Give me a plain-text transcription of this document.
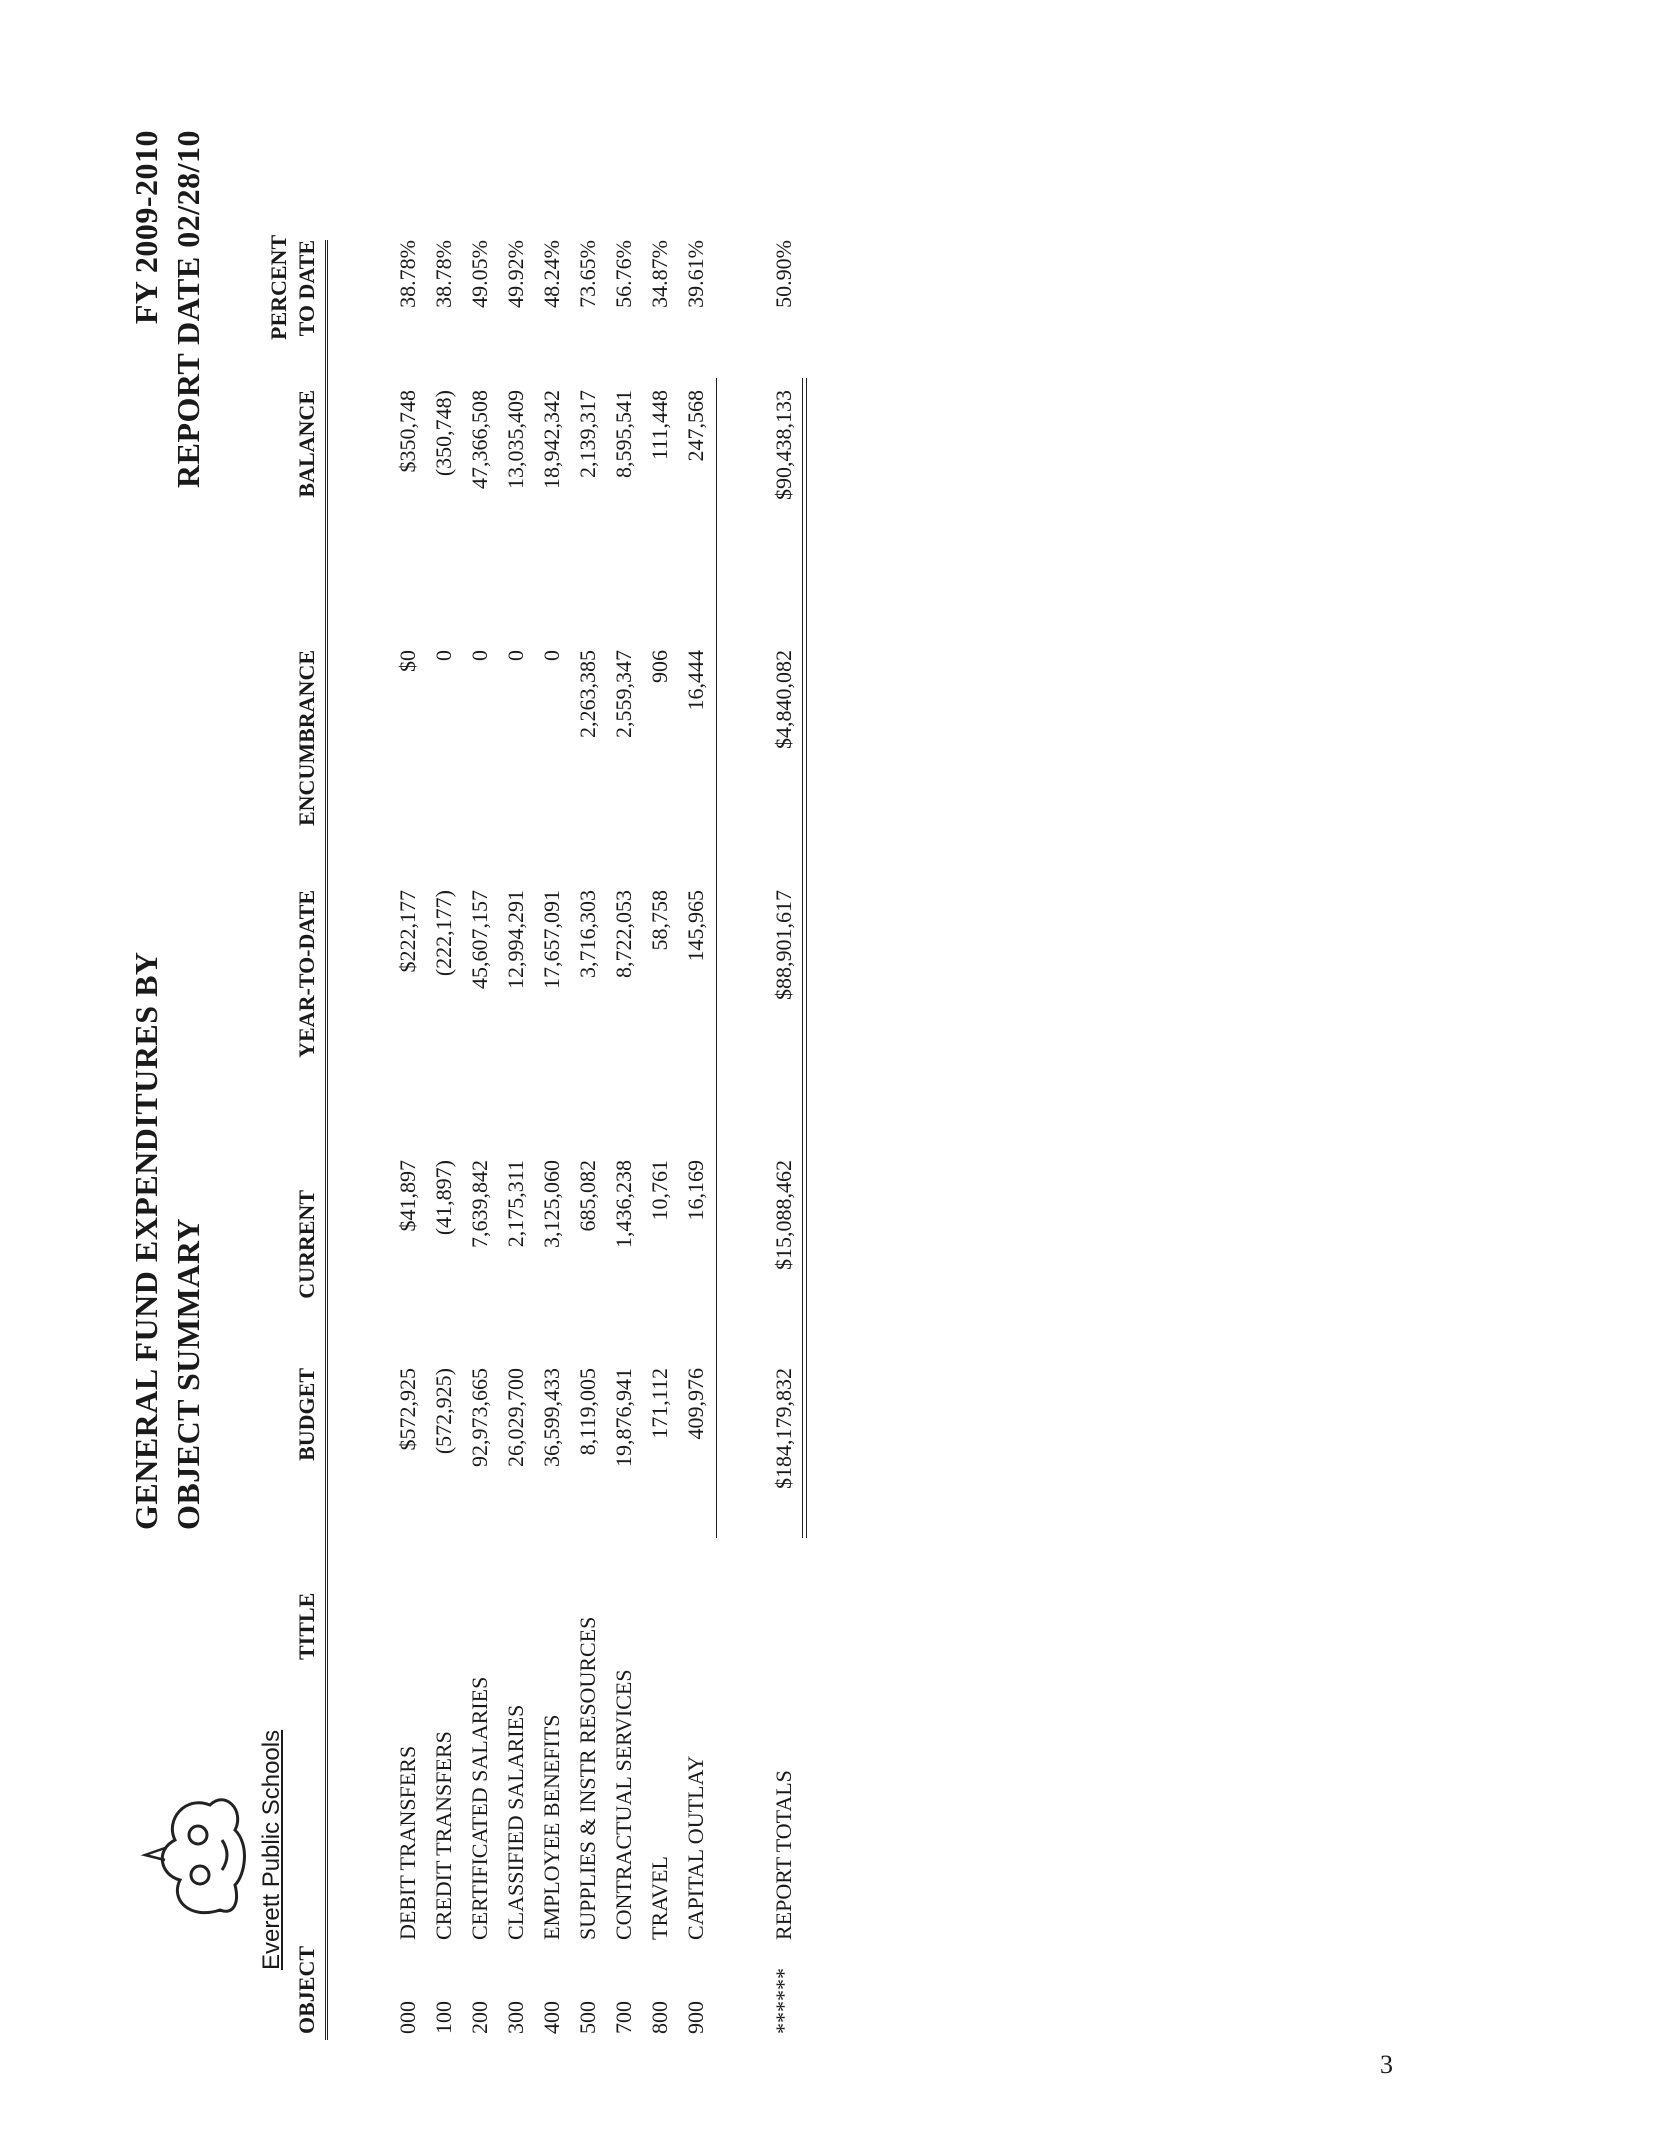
Everett Public Schools
GENERAL FUND EXPENDITURES BY OBJECT SUMMARY
FY 2009-2010 REPORT DATE 02/28/10
OBJECT
TITLE
BUDGET
CURRENT
YEAR-TO-DATE
ENCUMBRANCE
BALANCE
PERCENT TO DATE
000
DEBIT TRANSFERS
$572,925
$41,897
$222,177
$0
$350,748
38.78%
100
CREDIT TRANSFERS
(572,925)
(41,897)
(222,177)
0
(350,748)
38.78%
200
CERTIFICATED SALARIES
92,973,665
7,639,842
45,607,157
0
47,366,508
49.05%
300
CLASSIFIED SALARIES
26,029,700
2,175,311
12,994,291
0
13,035,409
49.92%
400
EMPLOYEE BENEFITS
36,599,433
3,125,060
17,657,091
0
18,942,342
48.24%
500
SUPPLIES & INSTR RESOURCES
8,119,005
685,082
3,716,303
2,263,385
2,139,317
73.65%
700
CONTRACTUAL SERVICES
19,876,941
1,436,238
8,722,053
2,559,347
8,595,541
56.76%
800
TRAVEL
171,112
10,761
58,758
906
111,448
34.87%
900
CAPITAL OUTLAY
409,976
16,169
145,965
16,444
247,568
39.61%
******
REPORT TOTALS
$184,179,832
$15,088,462
$88,901,617
$4,840,082
$90,438,133
50.90%
3
